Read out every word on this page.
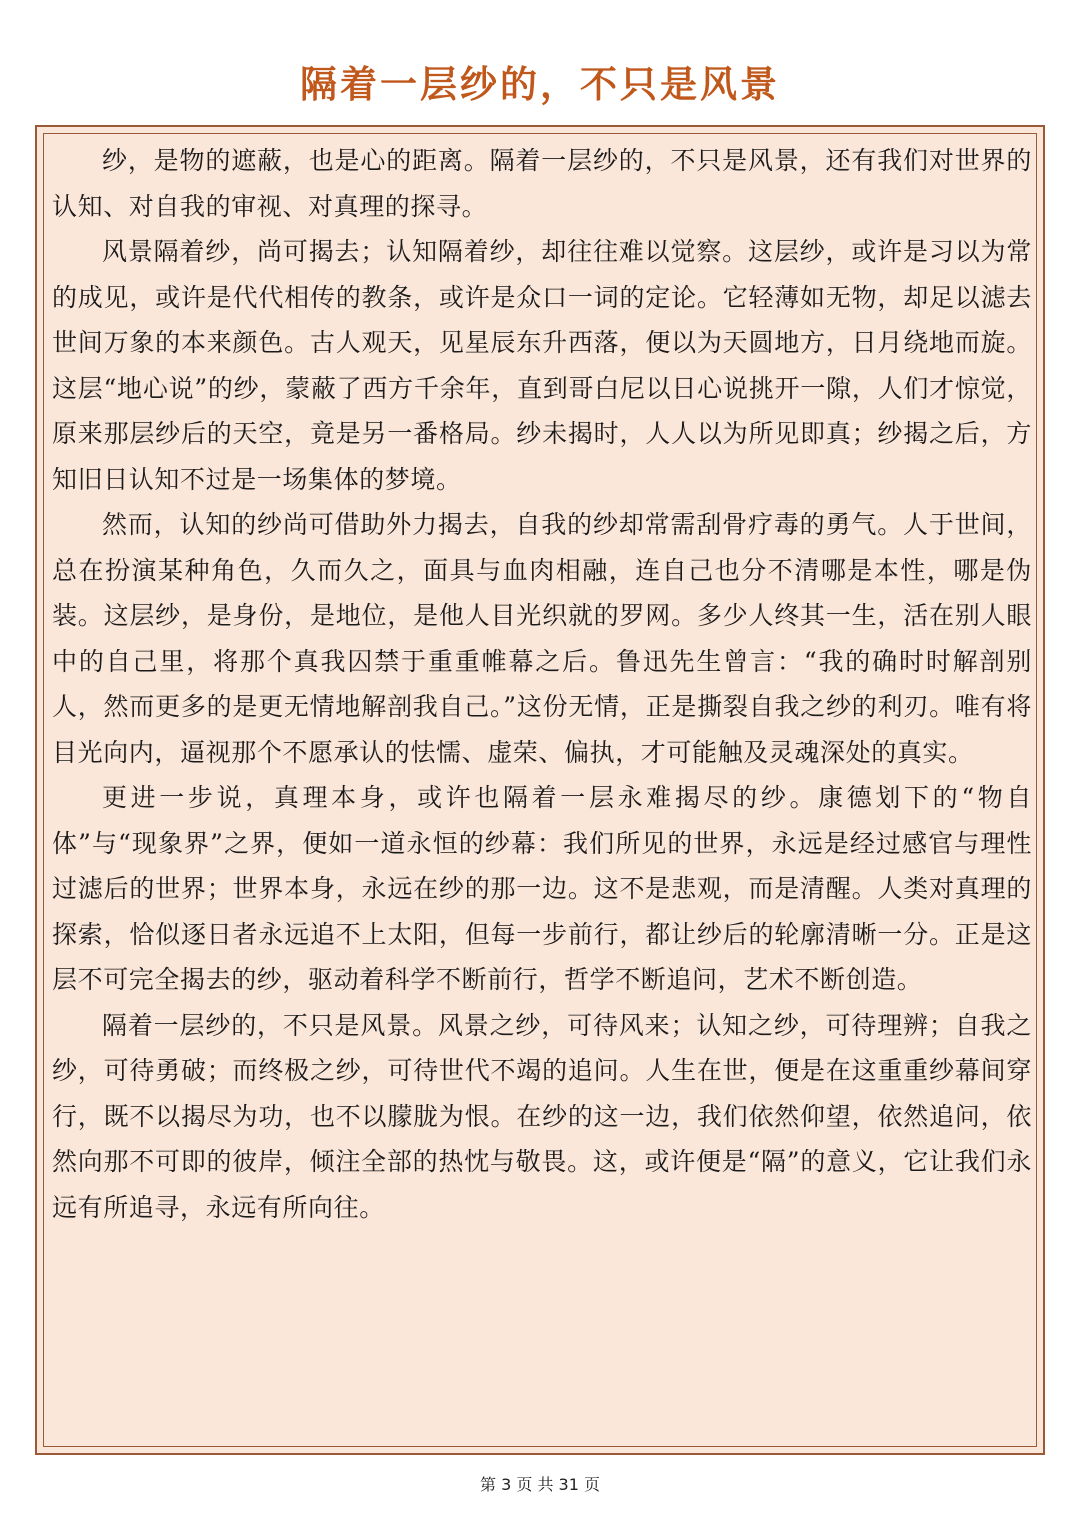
隔着一层纱的，不只是风景

纱，是物的遮蔽，也是心的距离。隔着一层纱的，不只是风景，还有我们对世界的认知、对自我的审视、对真理的探寻。

风景隔着纱，尚可揭去；认知隔着纱，却往往难以觉察。这层纱，或许是习以为常的成见，或许是代代相传的教条，或许是众口一词的定论。它轻薄如无物，却足以滤去世间万象的本来颜色。古人观天，见星辰东升西落，便以为天圆地方，日月绕地而旋。这层“地心说”的纱，蒙蔽了西方千余年，直到哥白尼以日心说挑开一隙，人们才惊觉，原来那层纱后的天空，竟是另一番格局。纱未揭时，人人以为所见即真；纱揭之后，方知旧日认知不过是一场集体的梦境。

然而，认知的纱尚可借助外力揭去，自我的纱却常需刮骨疗毒的勇气。人于世间，总在扮演某种角色，久而久之，面具与血肉相融，连自己也分不清哪是本性，哪是伪装。这层纱，是身份，是地位，是他人目光织就的罗网。多少人终其一生，活在别人眼中的自己里，将那个真我囚禁于重重帷幕之后。鲁迅先生曾言：“我的确时时解剖别人，然而更多的是更无情地解剖我自己。”这份无情，正是撕裂自我之纱的利刃。唯有将目光向内，逼视那个不愿承认的怯懦、虚荣、偏执，才可能触及灵魂深处的真实。

更进一步说，真理本身，或许也隔着一层永难揭尽的纱。康德划下的“物自体”与“现象界”之界，便如一道永恒的纱幕：我们所见的世界，永远是经过感官与理性过滤后的世界；世界本身，永远在纱的那一边。这不是悲观，而是清醒。人类对真理的探索，恰似逐日者永远追不上太阳，但每一步前行，都让纱后的轮廓清晰一分。正是这层不可完全揭去的纱，驱动着科学不断前行，哲学不断追问，艺术不断创造。

隔着一层纱的，不只是风景。风景之纱，可待风来；认知之纱，可待理辨；自我之纱，可待勇破；而终极之纱，可待世代不竭的追问。人生在世，便是在这重重纱幕间穿行，既不以揭尽为功，也不以朦胧为恨。在纱的这一边，我们依然仰望，依然追问，依然向那不可即的彼岸，倾注全部的热忱与敬畏。这，或许便是“隔”的意义，它让我们永远有所追寻，永远有所向往。

第 3 页 共 31 页
